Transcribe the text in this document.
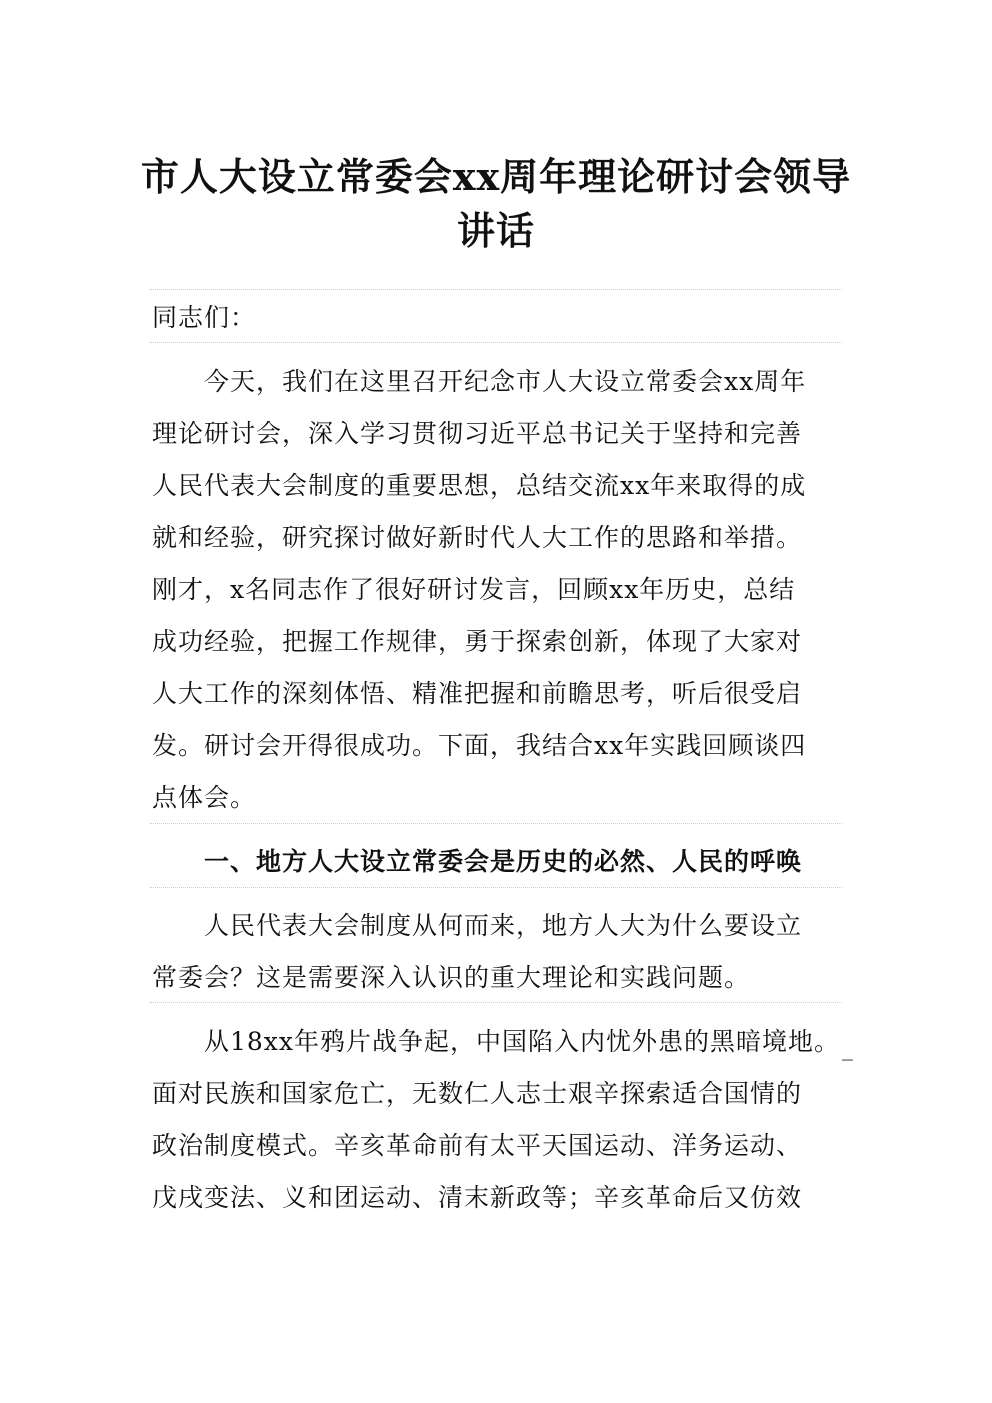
市人大设立常委会xx周年理论研讨会领导
讲话
同志们：
今天，我们在这里召开纪念市人大设立常委会xx周年
理论研讨会，深入学习贯彻习近平总书记关于坚持和完善
人民代表大会制度的重要思想，总结交流xx年来取得的成
就和经验，研究探讨做好新时代人大工作的思路和举措。
刚才，x名同志作了很好研讨发言，回顾xx年历史，总结
成功经验，把握工作规律，勇于探索创新，体现了大家对
人大工作的深刻体悟、精准把握和前瞻思考，听后很受启
发。研讨会开得很成功。下面，我结合xx年实践回顾谈四
点体会。
一、地方人大设立常委会是历史的必然、人民的呼唤
人民代表大会制度从何而来，地方人大为什么要设立
常委会？这是需要深入认识的重大理论和实践问题。
从18xx年鸦片战争起，中国陷入内忧外患的黑暗境地。
面对民族和国家危亡，无数仁人志士艰辛探索适合国情的
政治制度模式。辛亥革命前有太平天国运动、洋务运动、
戊戌变法、义和团运动、清末新政等；辛亥革命后又仿效
_
